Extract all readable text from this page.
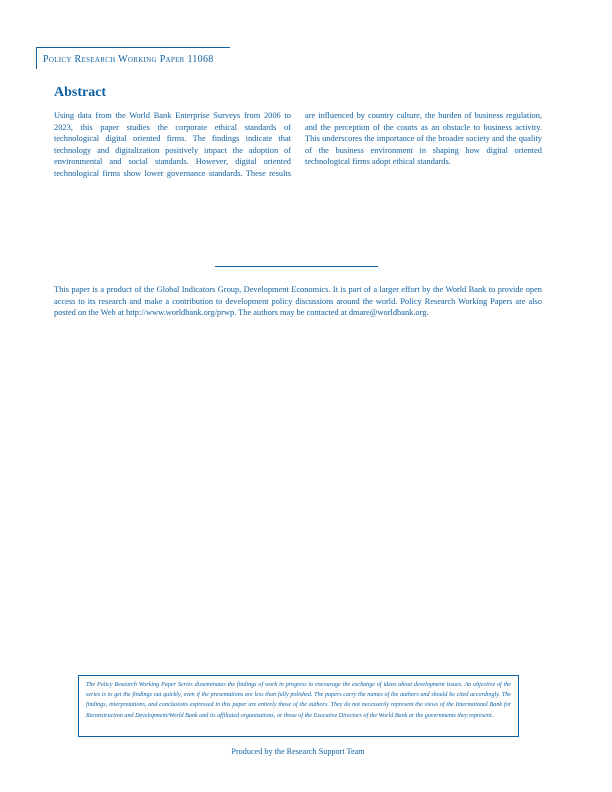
Policy Research Working Paper 11068
Abstract

Using data from the World Bank Enterprise Surveys from 2006 to 2023, this paper studies the corporate ethical standards of technological digital oriented firms. The findings indicate that technology and digitalization positively impact the adoption of environmental and social standards. However, digital oriented technological firms show lower governance standards. These results are influenced by country culture, the burden of business regulation, and the perception of the courts as an obstacle to business activity. This underscores the importance of the broader society and the quality of the business environment in shaping how digital oriented technological firms adopt ethical standards.

This paper is a product of the Global Indicators Group, Development Economics. It is part of a larger effort by the World Bank to provide open access to its research and make a contribution to development policy discussions around the world. Policy Research Working Papers are also posted on the Web at http://www.worldbank.org/prwp. The authors may be contacted at dmare@worldbank.org.

The Policy Research Working Paper Series disseminates the findings of work in progress to encourage the exchange of ideas about development issues. An objective of the series is to get the findings out quickly, even if the presentations are less than fully polished. The papers carry the names of the authors and should be cited accordingly. The findings, interpretations, and conclusions expressed in this paper are entirely those of the authors. They do not necessarily represent the views of the International Bank for Reconstruction and Development/World Bank and its affiliated organizations, or those of the Executive Directors of the World Bank or the governments they represent.

Produced by the Research Support Team
